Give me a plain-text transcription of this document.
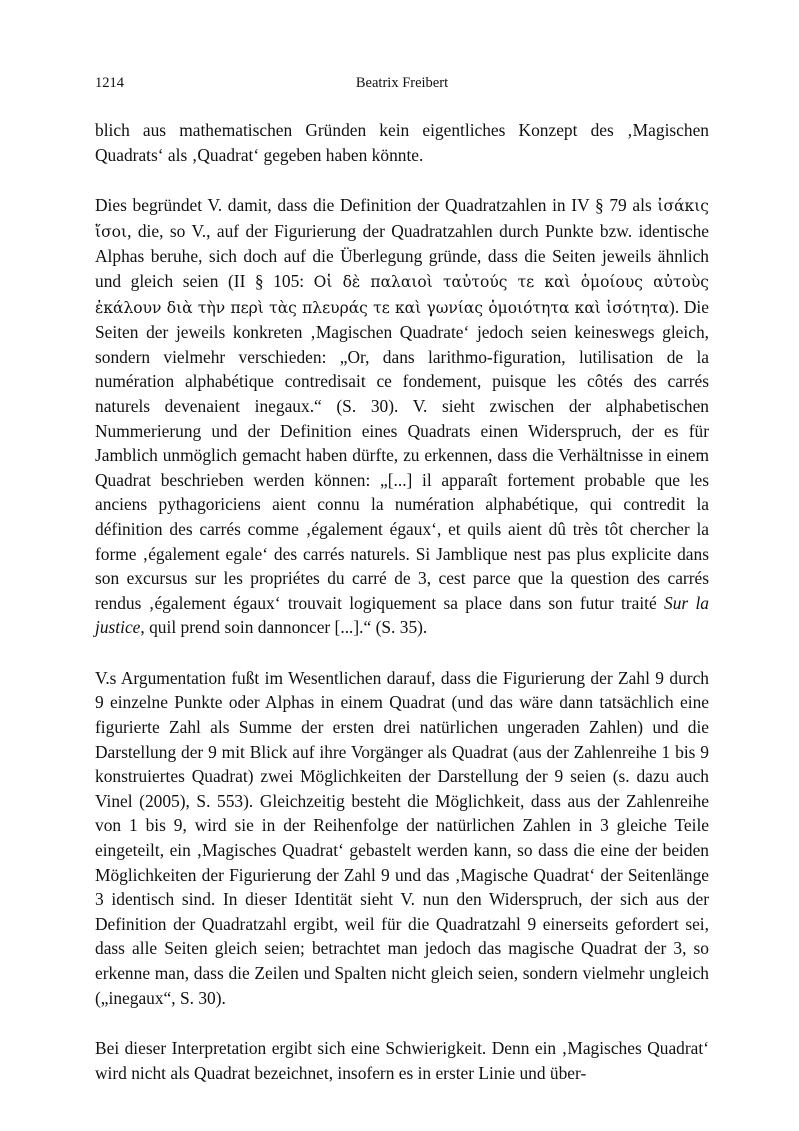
1214	Beatrix Freibert

blich aus mathematischen Gründen kein eigentliches Konzept des ‚Magischen Quadrats‘ als ‚Quadrat‘ gegeben haben könnte.

Dies begründet V. damit, dass die Definition der Quadratzahlen in IV § 79 als ἰσάκις ἴσοι, die, so V., auf der Figurierung der Quadratzahlen durch Punkte bzw. identische Alphas beruhe, sich doch auf die Überlegung gründe, dass die Seiten jeweils ähnlich und gleich seien (II § 105: Οἱ δὲ παλαιοὶ ταὐτούς τε καὶ ὁμοίους αὐτοὺς ἐκάλουν διὰ τὴν περὶ τὰς πλευράς τε καὶ γωνίας ὁμοιότητα καὶ ἰσότητα). Die Seiten der jeweils konkreten ‚Magischen Quadrate‘ jedoch seien keineswegs gleich, sondern vielmehr verschieden: „Or, dans larithmo-figuration, lutilisation de la numération alphabétique contredisait ce fondement, puisque les côtés des carrés naturels devenaient inegaux.“ (S. 30). V. sieht zwischen der alphabetischen Nummerierung und der Definition eines Quadrats einen Widerspruch, der es für Jamblich unmöglich gemacht haben dürfte, zu erkennen, dass die Verhältnisse in einem Quadrat beschrieben werden können: „[...] il apparaît fortement probable que les anciens pythagoriciens aient connu la numération alphabétique, qui contredit la définition des carrés comme ‚également égaux‘, et quils aient dû très tôt chercher la forme ‚également egale‘ des carrés naturels. Si Jamblique nest pas plus explicite dans son excursus sur les propriétes du carré de 3, cest parce que la question des carrés rendus ‚également égaux‘ trouvait logiquement sa place dans son futur traité Sur la justice, quil prend soin dannoncer [...].“ (S. 35).

V.s Argumentation fußt im Wesentlichen darauf, dass die Figurierung der Zahl 9 durch 9 einzelne Punkte oder Alphas in einem Quadrat (und das wäre dann tatsächlich eine figurierte Zahl als Summe der ersten drei natürlichen ungeraden Zahlen) und die Darstellung der 9 mit Blick auf ihre Vorgänger als Quadrat (aus der Zahlenreihe 1 bis 9 konstruiertes Quadrat) zwei Möglichkeiten der Darstellung der 9 seien (s. dazu auch Vinel (2005), S. 553). Gleichzeitig besteht die Möglichkeit, dass aus der Zahlenreihe von 1 bis 9, wird sie in der Reihenfolge der natürlichen Zahlen in 3 gleiche Teile eingeteilt, ein ‚Magisches Quadrat‘ gebastelt werden kann, so dass die eine der beiden Möglichkeiten der Figurierung der Zahl 9 und das ‚Magische Quadrat‘ der Seitenlänge 3 identisch sind. In dieser Identität sieht V. nun den Widerspruch, der sich aus der Definition der Quadratzahl ergibt, weil für die Quadratzahl 9 einerseits gefordert sei, dass alle Seiten gleich seien; betrachtet man jedoch das magische Quadrat der 3, so erkenne man, dass die Zeilen und Spalten nicht gleich seien, sondern vielmehr ungleich („inegaux“, S. 30).

Bei dieser Interpretation ergibt sich eine Schwierigkeit. Denn ein ‚Magisches Quadrat‘ wird nicht als Quadrat bezeichnet, insofern es in erster Linie und über-
